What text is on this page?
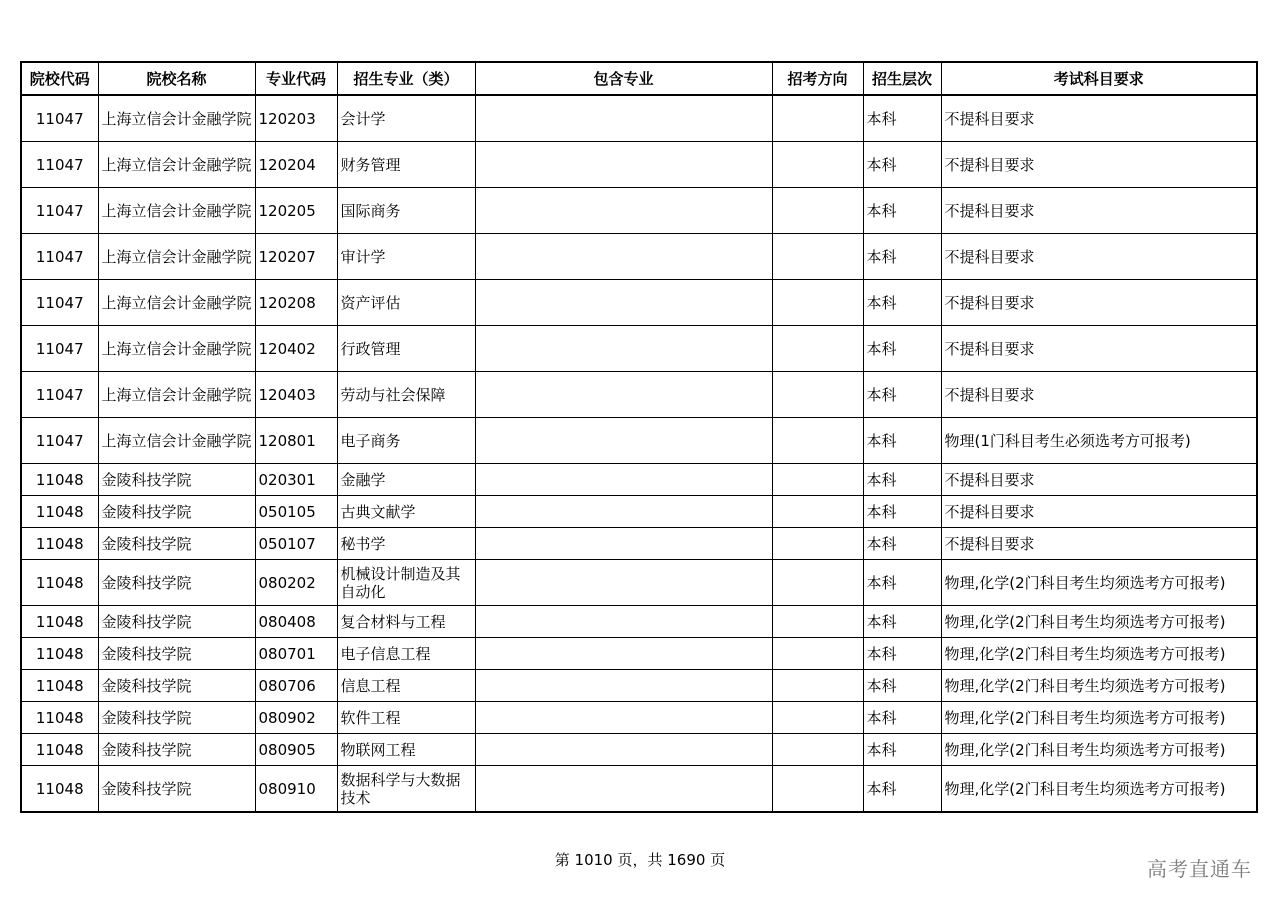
院校代码	院校名称	专业代码	招生专业（类）	包含专业	招考方向	招生层次	考试科目要求
11047	上海立信会计金融学院	120203	会计学			本科	不提科目要求
11047	上海立信会计金融学院	120204	财务管理			本科	不提科目要求
11047	上海立信会计金融学院	120205	国际商务			本科	不提科目要求
11047	上海立信会计金融学院	120207	审计学			本科	不提科目要求
11047	上海立信会计金融学院	120208	资产评估			本科	不提科目要求
11047	上海立信会计金融学院	120402	行政管理			本科	不提科目要求
11047	上海立信会计金融学院	120403	劳动与社会保障			本科	不提科目要求
11047	上海立信会计金融学院	120801	电子商务			本科	物理(1门科目考生必须选考方可报考)
11048	金陵科技学院	020301	金融学			本科	不提科目要求
11048	金陵科技学院	050105	古典文献学			本科	不提科目要求
11048	金陵科技学院	050107	秘书学			本科	不提科目要求
11048	金陵科技学院	080202	机械设计制造及其自动化			本科	物理,化学(2门科目考生均须选考方可报考)
11048	金陵科技学院	080408	复合材料与工程			本科	物理,化学(2门科目考生均须选考方可报考)
11048	金陵科技学院	080701	电子信息工程			本科	物理,化学(2门科目考生均须选考方可报考)
11048	金陵科技学院	080706	信息工程			本科	物理,化学(2门科目考生均须选考方可报考)
11048	金陵科技学院	080902	软件工程			本科	物理,化学(2门科目考生均须选考方可报考)
11048	金陵科技学院	080905	物联网工程			本科	物理,化学(2门科目考生均须选考方可报考)
11048	金陵科技学院	080910	数据科学与大数据技术			本科	物理,化学(2门科目考生均须选考方可报考)
第 1010 页，共 1690 页	高考直通车
